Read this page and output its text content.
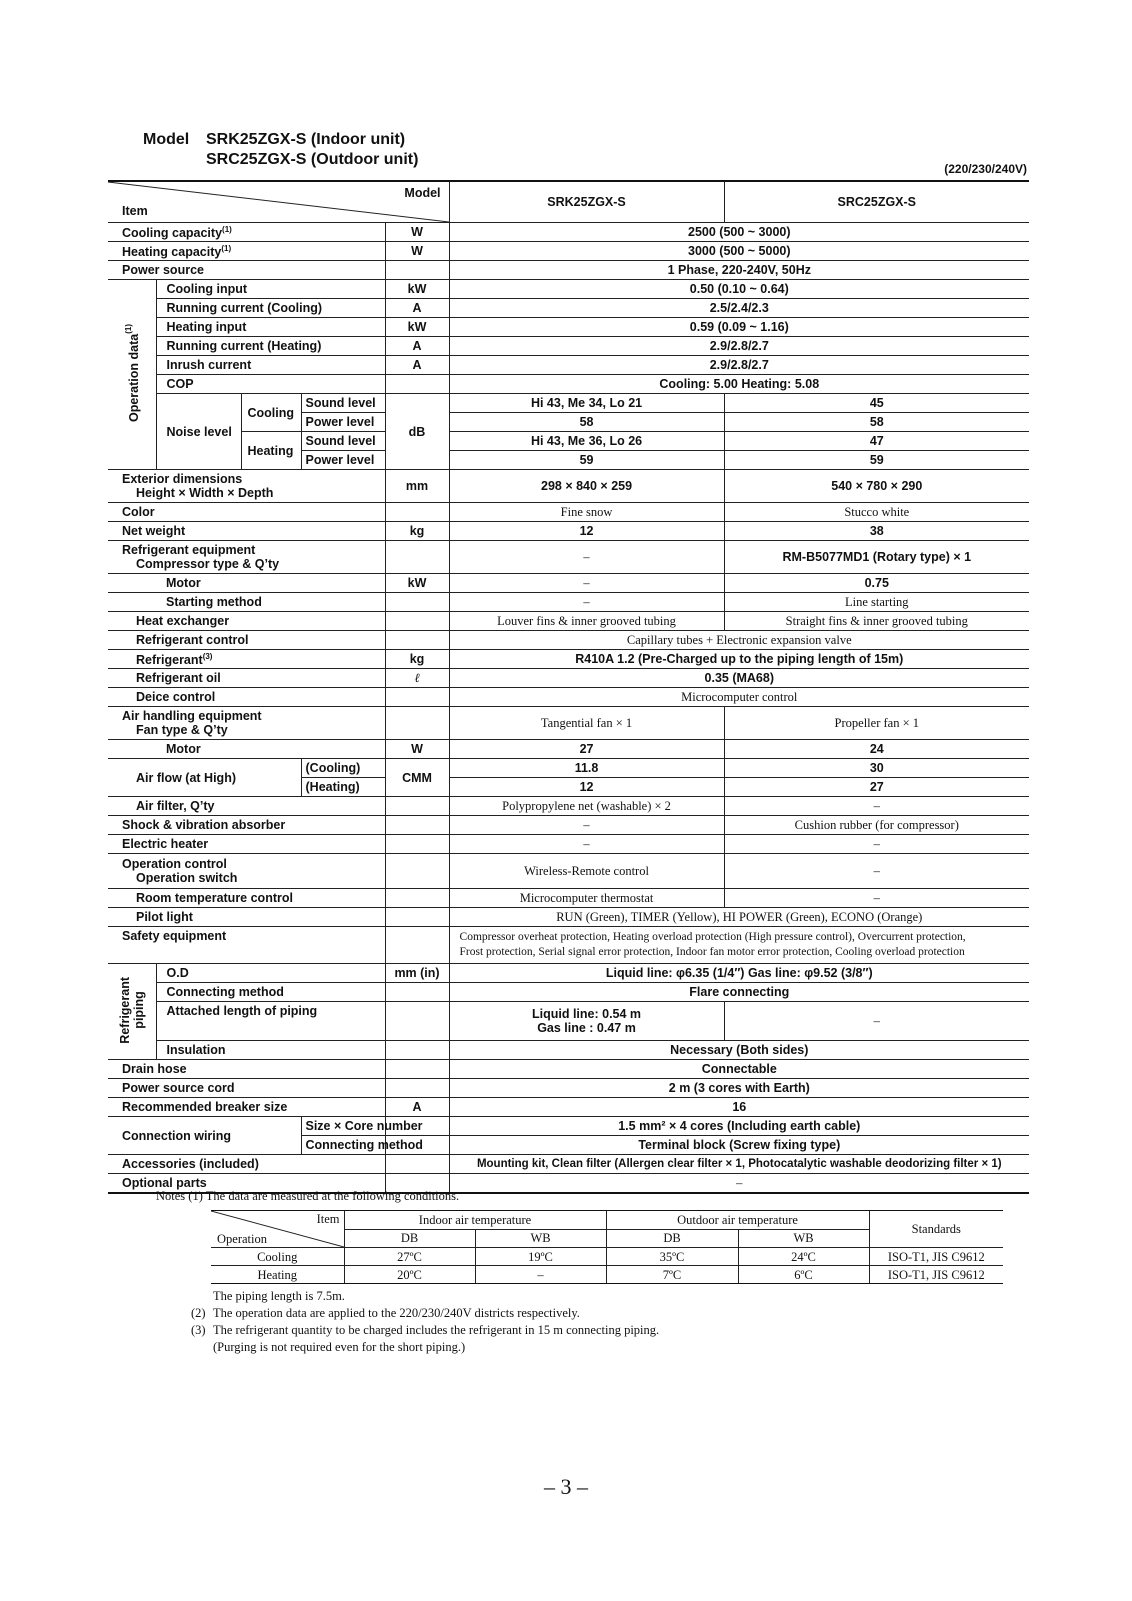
Model	SRK25ZGX-S (Indoor unit)
SRC25ZGX-S (Outdoor unit)
(220/230/240V)
Model
Item					SRK25ZGX-S	SRC25ZGX-S
Cooling capacity$^{(1)}$				W	2500 (500 ~ 3000)	
Heating capacity$^{(1)}$				W	3000 (500 ~ 5000)	
Power source					1 Phase, 220-240V, 50Hz	
Operation data$^{(1)}$	Cooling input			kW	0.50 (0.10 ~ 0.64)	
	Running current (Cooling)			A	2.5/2.4/2.3	
	Heating input			kW	0.59 (0.09 ~ 1.16)	
	Running current (Heating)			A	2.9/2.8/2.7	
	Inrush current			A	2.9/2.8/2.7	
	COP				Cooling: 5.00 Heating: 5.08	
	Noise level	Cooling	Sound level	dB	Hi 43, Me 34, Lo 21	45
			Power level		58	58
		Heating	Sound level		Hi 43, Me 36, Lo 26	47
			Power level		59	59

Exterior dimensions
Height × Width × Depth				mm	298 × 840 × 259	540 × 780 × 290
Color					Fine snow	Stucco white
Net weight				kg	12	38

Refrigerant equipment
Compressor type & Q’ty					–	RM-B5077MD1 (Rotary type) × 1
Motor				kW	–	0.75
Starting method					–	Line starting
Heat exchanger					Louver fins & inner grooved tubing	Straight fins & inner grooved tubing
Refrigerant control					Capillary tubes + Electronic expansion valve	
Refrigerant$^{(3)}$				kg	R410A 1.2 (Pre-Charged up to the piping length of 15m)	
Refrigerant oil				ℓ	0.35 (MA68)	
Deice control					Microcomputer control	

Air handling equipment
Fan type & Q’ty					Tangential fan × 1	Propeller fan × 1
Motor				W	27	24
Air flow (at High)			(Cooling)	CMM	11.8	30
			(Heating)		12	27
Air filter, Q’ty					Polypropylene net (washable) × 2	–
Shock & vibration absorber					–	Cushion rubber (for compressor)
Electric heater					–	–

Operation control
Operation switch					Wireless-Remote control	–
Room temperature control					Microcomputer thermostat	–
Pilot light					RUN (Green), TIMER (Yellow), HI POWER (Green), ECONO (Orange)	
Safety equipment					Compressor overheat protection, Heating overload protection (High pressure control), Overcurrent protection,
Frost protection, Serial signal error protection, Indoor fan motor error protection, Cooling overload protection	

Refrigerant
piping	O.D			mm (in)	Liquid line: φ6.35 (1/4″) Gas line: φ9.52 (3/8″)	
	Connecting method				Flare connecting	
	Attached length of piping				Liquid line: 0.54 m
Gas line : 0.47 m	–
	Insulation				Necessary (Both sides)	
Drain hose					Connectable	
Power source cord					2 m (3 cores with Earth)	
Recommended breaker size				A	16	
Connection wiring			Size × Core number		1.5 mm² × 4 cores (Including earth cable)	
			Connecting method		Terminal block (Screw fixing type)	
Accessories (included)					Mounting kit, Clean filter (Allergen clear filter × 1, Photocatalytic washable deodorizing filter × 1)	
Optional parts					–	
Notes (1) The data are measured at the following conditions.
Item
Operation	Indoor air temperature		Outdoor air temperature		Standards
	DB	WB	DB	WB	
Cooling	27ºC	19ºC	35ºC	24ºC	ISO-T1, JIS C9612
Heating	20ºC	–	7ºC	6ºC	ISO-T1, JIS C9612
The piping length is 7.5m.
(2) The operation data are applied to the 220/230/240V districts respectively.
(3) The refrigerant quantity to be charged includes the refrigerant in 15 m connecting piping.
(Purging is not required even for the short piping.)
– 3 –
